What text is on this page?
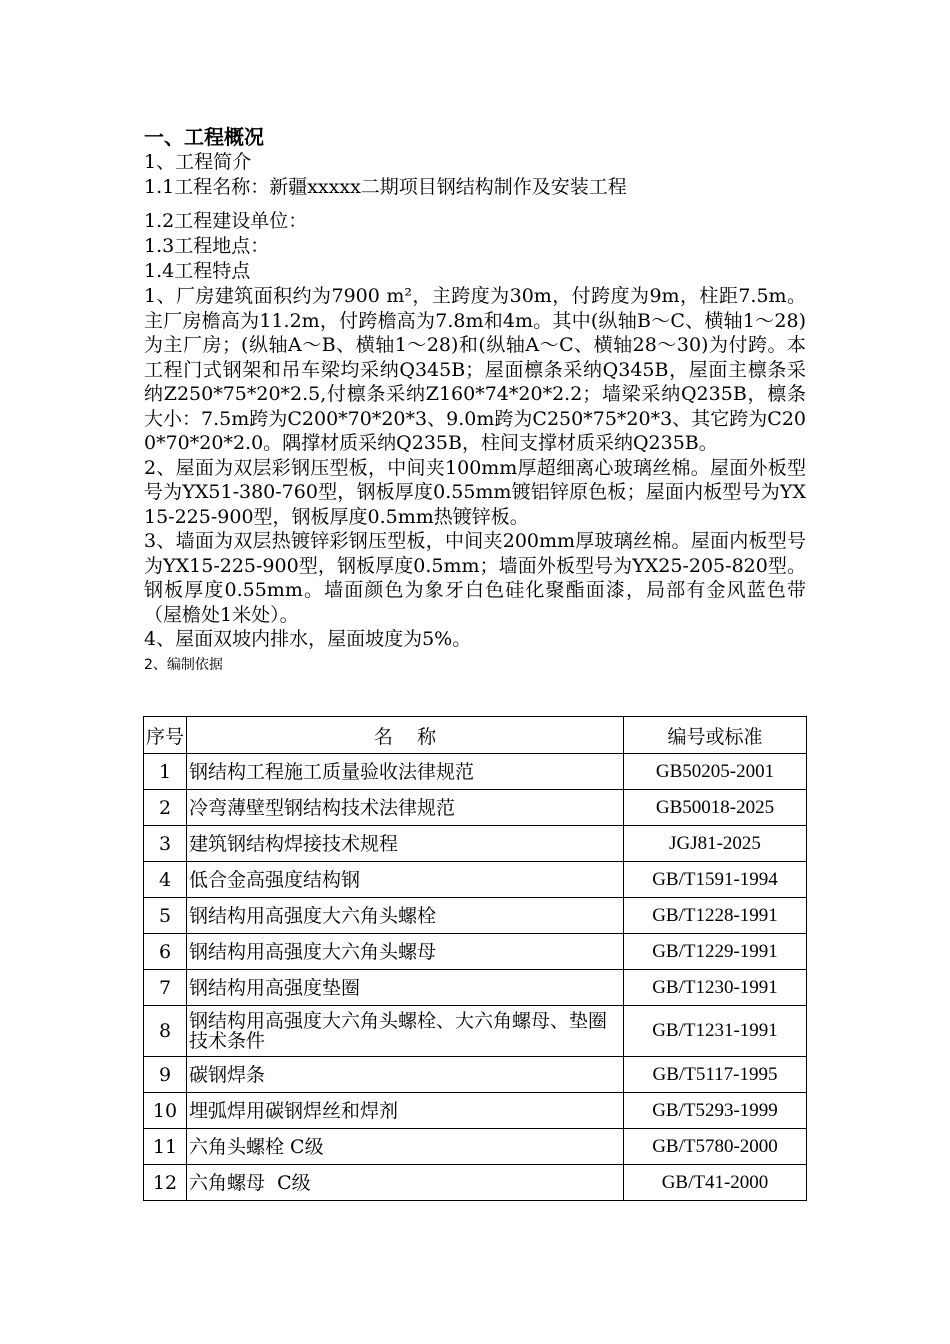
一、工程概况

1、工程简介

1.1工程名称：新疆xxxxx二期项目钢结构制作及安装工程

1.2工程建设单位：

1.3工程地点：

1.4工程特点

1、厂房建筑面积约为7900 m²，主跨度为30m，付跨度为9m，柱距7.5m。主厂房檐高为11.2m，付跨檐高为7.8m和4m。其中(纵轴B～C、横轴1～28)为主厂房；(纵轴A～B、横轴1～28)和(纵轴A～C、横轴28～30)为付跨。本工程门式钢架和吊车梁均采纳Q345B；屋面檩条采纳Q345B，屋面主檩条采纳Z250*75*20*2.5,付檩条采纳Z160*74*20*2.2；墙梁采纳Q235B，檩条大小：7.5m跨为C200*70*20*3、9.0m跨为C250*75*20*3、其它跨为C200*70*20*2.0。隅撑材质采纳Q235B，柱间支撑材质采纳Q235B。

2、屋面为双层彩钢压型板，中间夹100mm厚超细离心玻璃丝棉。屋面外板型号为YX51-380-760型，钢板厚度0.55mm镀铝锌原色板；屋面内板型号为YX15-225-900型，钢板厚度0.5mm热镀锌板。

3、墙面为双层热镀锌彩钢压型板，中间夹200mm厚玻璃丝棉。屋面内板型号为YX15-225-900型，钢板厚度0.5mm；墙面外板型号为YX25-205-820型。钢板厚度0.55mm。墙面颜色为象牙白色硅化聚酯面漆，局部有金风蓝色带（屋檐处1米处）。

4、屋面双坡内排水，屋面坡度为5%。

2、编制依据

序号	名    称	编号或标准
1	钢结构工程施工质量验收法律规范	GB50205-2001
2	冷弯薄壁型钢结构技术法律规范	GB50018-2025
3	建筑钢结构焊接技术规程	JGJ81-2025
4	低合金高强度结构钢	GB/T1591-1994
5	钢结构用高强度大六角头螺栓	GB/T1228-1991
6	钢结构用高强度大六角头螺母	GB/T1229-1991
7	钢结构用高强度垫圈	GB/T1230-1991
8	钢结构用高强度大六角头螺栓、大六角螺母、垫圈技术条件	GB/T1231-1991
9	碳钢焊条	GB/T5117-1995
10	埋弧焊用碳钢焊丝和焊剂	GB/T5293-1999
11	六角头螺栓 C级	GB/T5780-2000
12	六角螺母  C级	GB/T41-2000
